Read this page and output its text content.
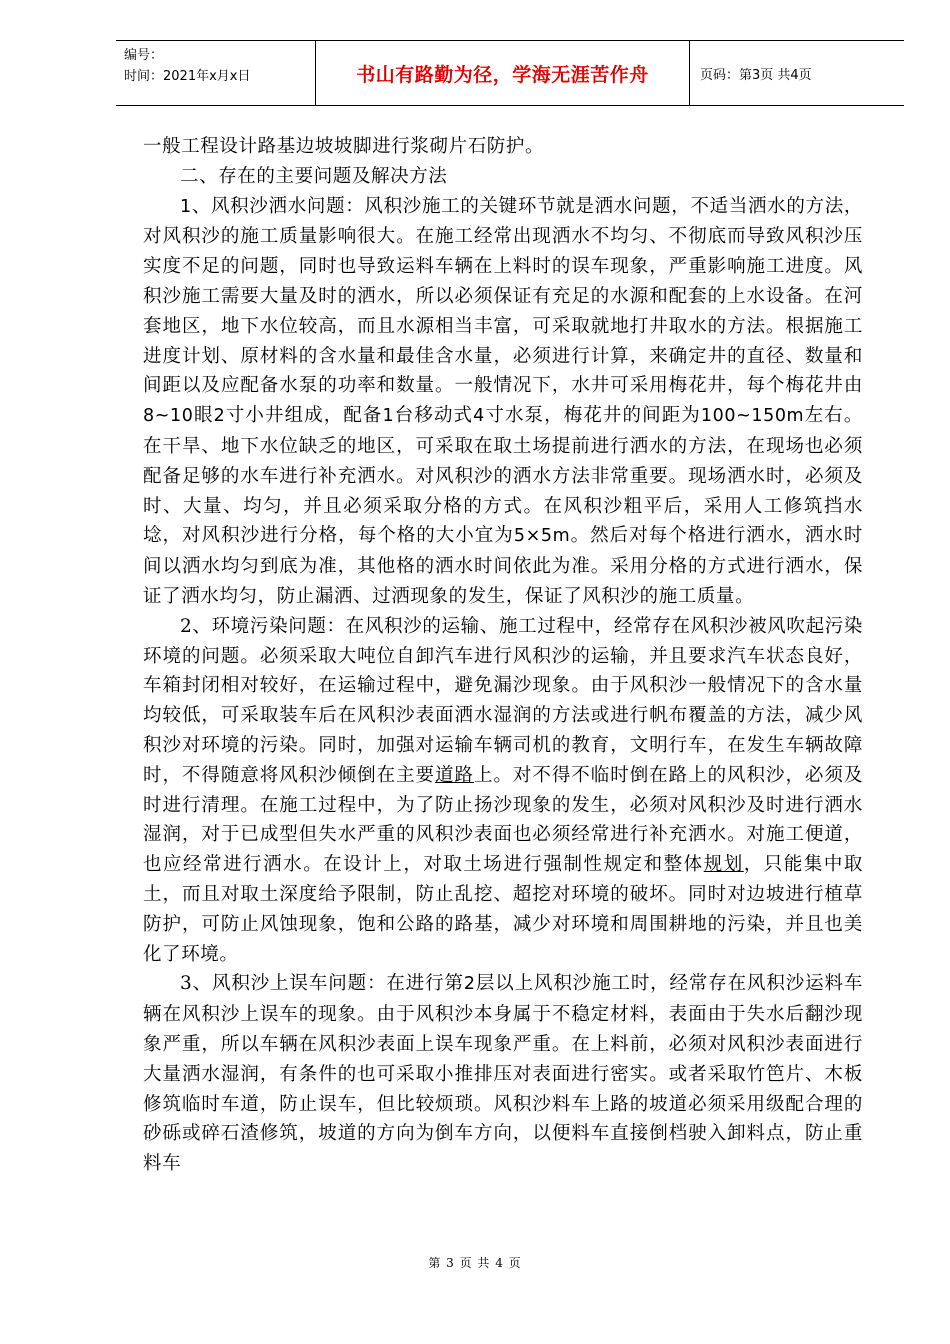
编号：
时间：2021年x月x日	书山有路勤为径，学海无涯苦作舟	页码：第3页 共4页

一般工程设计路基边坡坡脚进行浆砌片石防护。

二、存在的主要问题及解决方法

1、风积沙洒水问题：风积沙施工的关键环节就是洒水问题，不适当洒水的方法，对风积沙的施工质量影响很大。在施工经常出现洒水不均匀、不彻底而导致风积沙压实度不足的问题，同时也导致运料车辆在上料时的误车现象，严重影响施工进度。风积沙施工需要大量及时的洒水，所以必须保证有充足的水源和配套的上水设备。在河套地区，地下水位较高，而且水源相当丰富，可采取就地打井取水的方法。根据施工进度计划、原材料的含水量和最佳含水量，必须进行计算，来确定井的直径、数量和间距以及应配备水泵的功率和数量。一般情况下，水井可采用梅花井，每个梅花井由8~10眼2寸小井组成，配备1台移动式4寸水泵，梅花井的间距为100~150m左右。在干旱、地下水位缺乏的地区，可采取在取土场提前进行洒水的方法，在现场也必须配备足够的水车进行补充洒水。对风积沙的洒水方法非常重要。现场洒水时，必须及时、大量、均匀，并且必须采取分格的方式。在风积沙粗平后，采用人工修筑挡水埝，对风积沙进行分格，每个格的大小宜为5×5m。然后对每个格进行洒水，洒水时间以洒水均匀到底为准，其他格的洒水时间依此为准。采用分格的方式进行洒水，保证了洒水均匀，防止漏洒、过洒现象的发生，保证了风积沙的施工质量。

2、环境污染问题：在风积沙的运输、施工过程中，经常存在风积沙被风吹起污染环境的问题。必须采取大吨位自卸汽车进行风积沙的运输，并且要求汽车状态良好，车箱封闭相对较好，在运输过程中，避免漏沙现象。由于风积沙一般情况下的含水量均较低，可采取装车后在风积沙表面洒水湿润的方法或进行帆布覆盖的方法，减少风积沙对环境的污染。同时，加强对运输车辆司机的教育，文明行车，在发生车辆故障时，不得随意将风积沙倾倒在主要道路上。对不得不临时倒在路上的风积沙，必须及时进行清理。在施工过程中，为了防止扬沙现象的发生，必须对风积沙及时进行洒水湿润，对于已成型但失水严重的风积沙表面也必须经常进行补充洒水。对施工便道，也应经常进行洒水。在设计上，对取土场进行强制性规定和整体规划，只能集中取土，而且对取土深度给予限制，防止乱挖、超挖对环境的破坏。同时对边坡进行植草防护，可防止风蚀现象，饱和公路的路基，减少对环境和周围耕地的污染，并且也美化了环境。

3、风积沙上误车问题：在进行第2层以上风积沙施工时，经常存在风积沙运料车辆在风积沙上误车的现象。由于风积沙本身属于不稳定材料，表面由于失水后翻沙现象严重，所以车辆在风积沙表面上误车现象严重。在上料前，必须对风积沙表面进行大量洒水湿润，有条件的也可采取小推排压对表面进行密实。或者采取竹笆片、木板修筑临时车道，防止误车，但比较烦琐。风积沙料车上路的坡道必须采用级配合理的砂砾或碎石渣修筑，坡道的方向为倒车方向，以便料车直接倒档驶入卸料点，防止重料车

第 3 页 共 4 页
